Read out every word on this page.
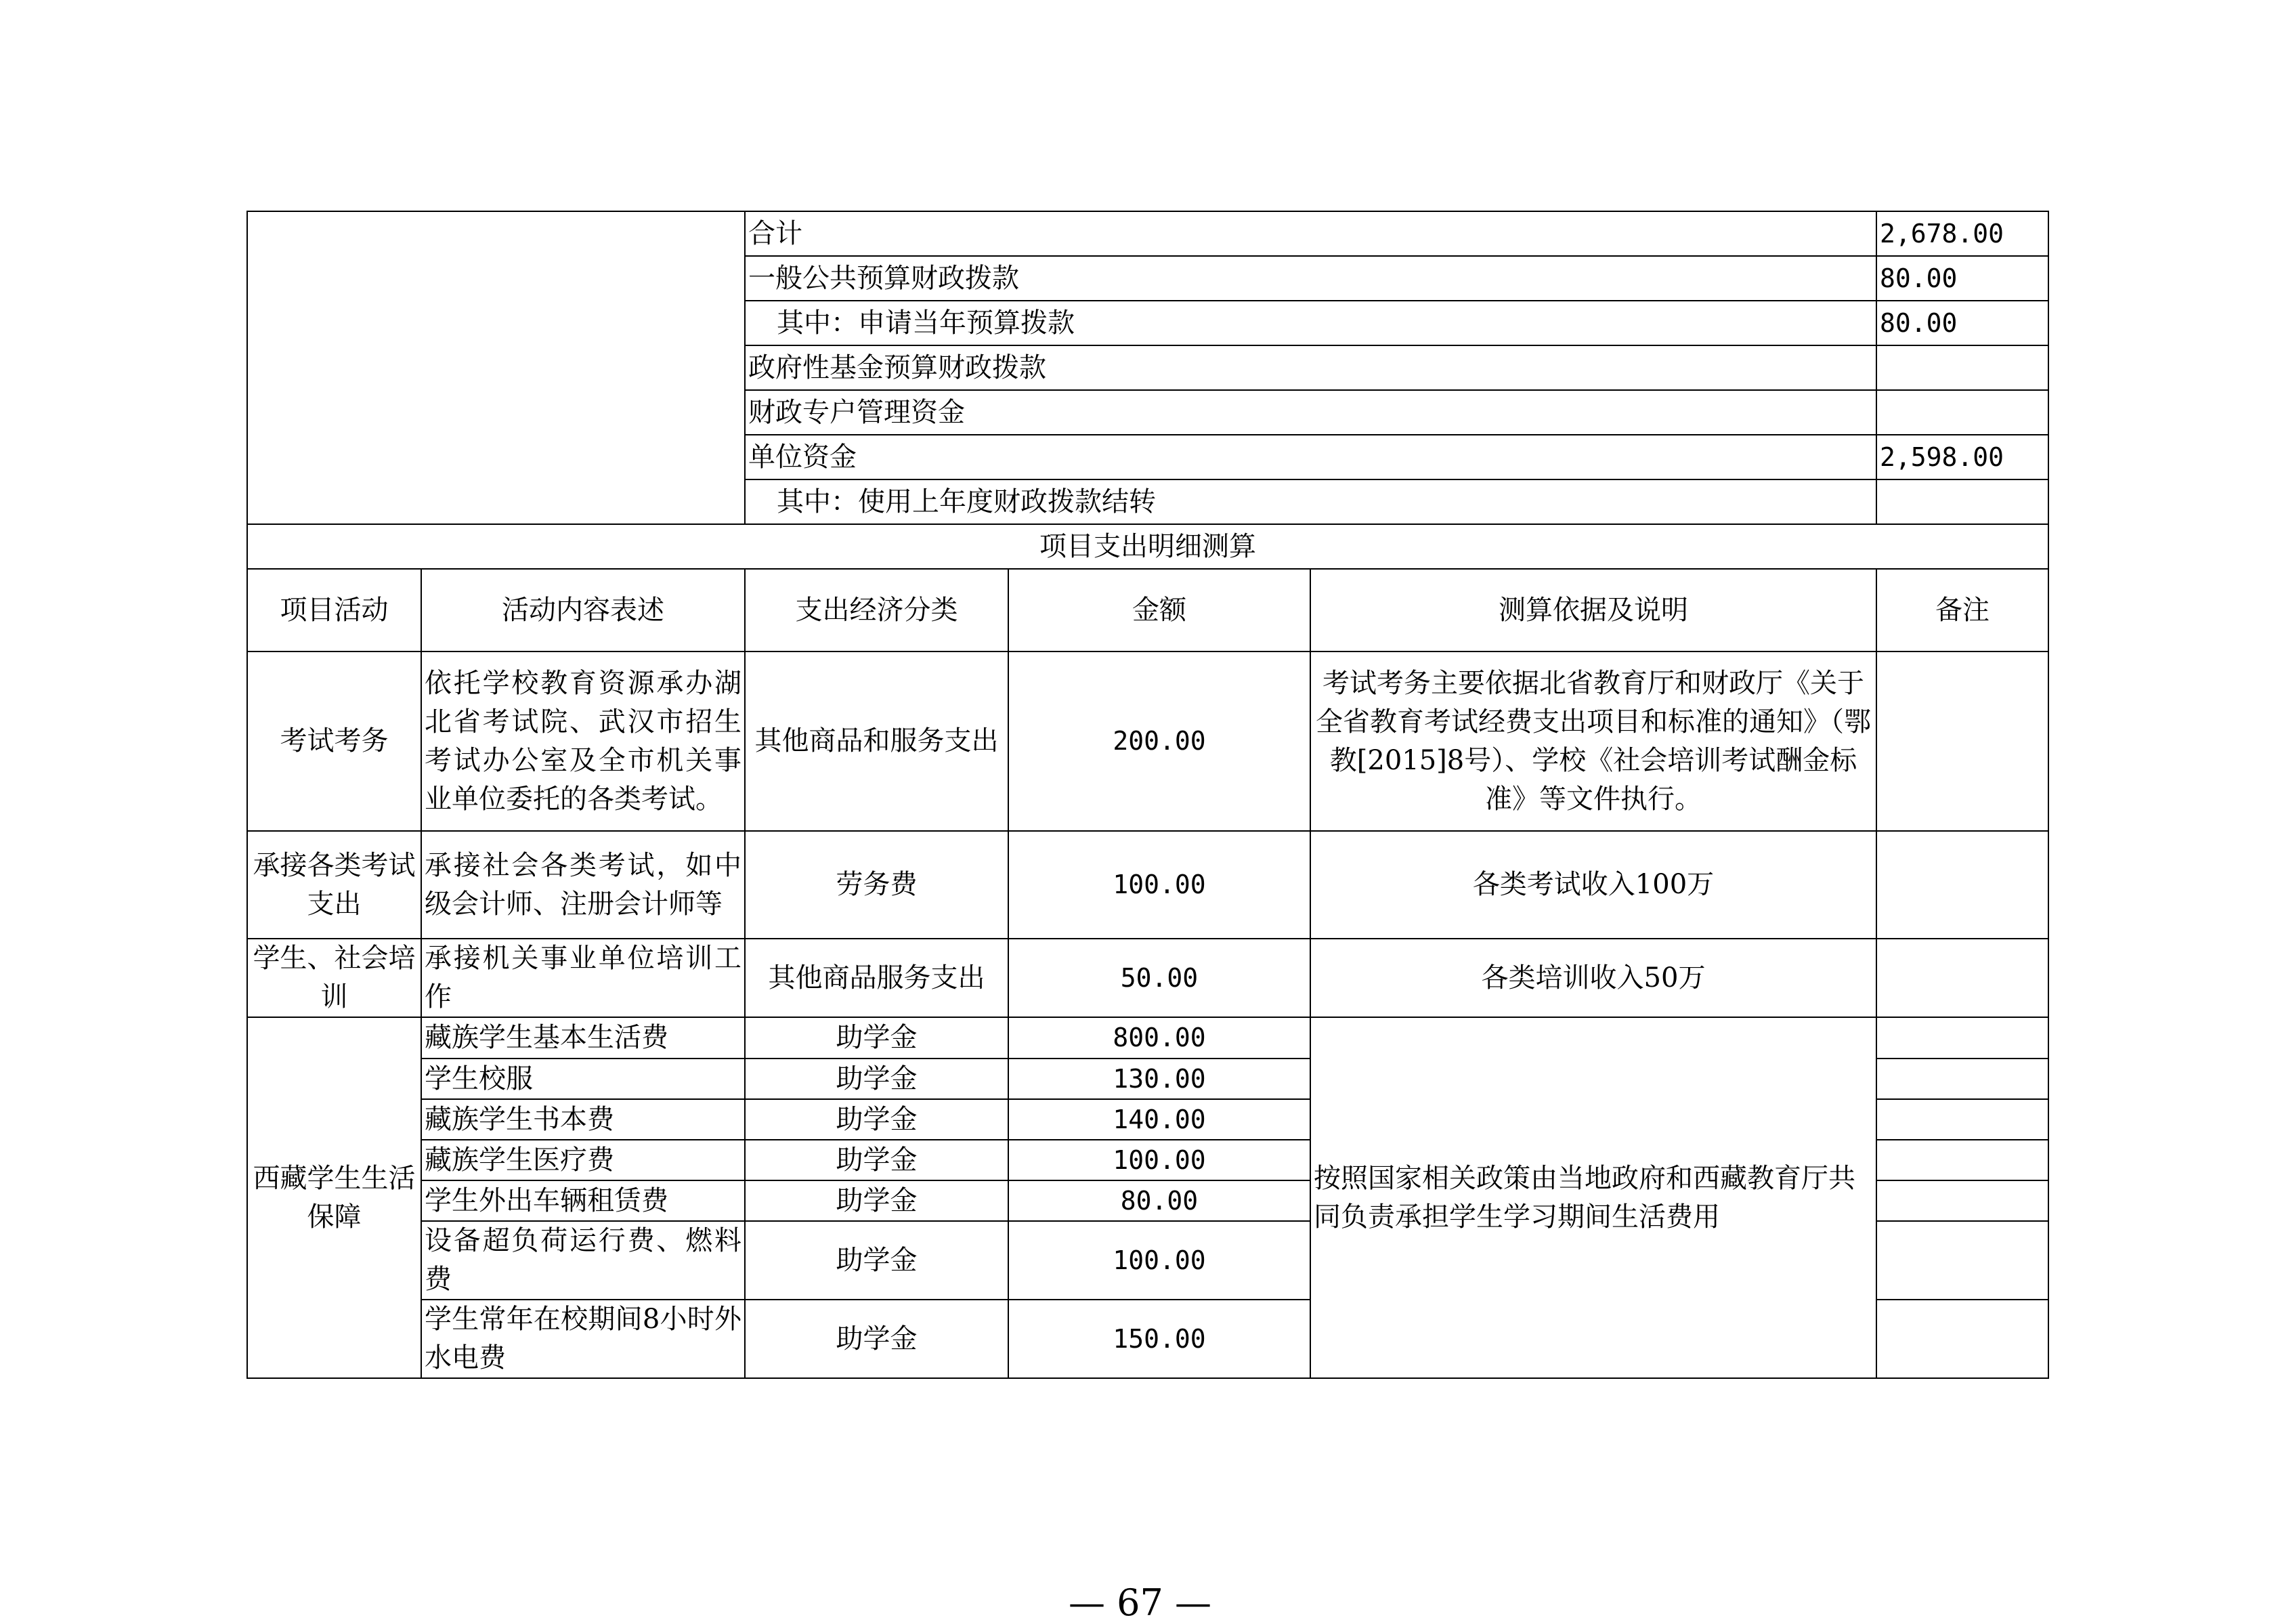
		合计			2,678.00
		一般公共预算财政拨款			80.00
		其中：申请当年预算拨款			80.00
		政府性基金预算财政拨款			
		财政专户管理资金			
		单位资金			2,598.00
		其中：使用上年度财政拨款结转			
项目支出明细测算					
项目活动	活动内容表述	支出经济分类	金额	测算依据及说明	备注
考试考务	依托学校教育资源承办湖北省考试院、武汉市招生考试办公室及全市机关事业单位委托的各类考试。	其他商品和服务支出	200.00	考试考务主要依据北省教育厅和财政厅《关于全省教育考试经费支出项目和标准的通知》（鄂教[2015]8号）、学校《社会培训考试酬金标准》等文件执行。	
承接各类考试支出	承接社会各类考试，如中级会计师、注册会计师等	劳务费	100.00	各类考试收入100万	
学生、社会培训	承接机关事业单位培训工作	其他商品服务支出	50.00	各类培训收入50万	
西藏学生生活保障	藏族学生基本生活费	助学金	800.00	按照国家相关政策由当地政府和西藏教育厅共同负责承担学生学习期间生活费用	
	学生校服	助学金	130.00		
	藏族学生书本费	助学金	140.00		
	藏族学生医疗费	助学金	100.00		
	学生外出车辆租赁费	助学金	80.00		
	设备超负荷运行费、燃料费	助学金	100.00		
	学生常年在校期间8小时外水电费	助学金	150.00		
— 67 —
